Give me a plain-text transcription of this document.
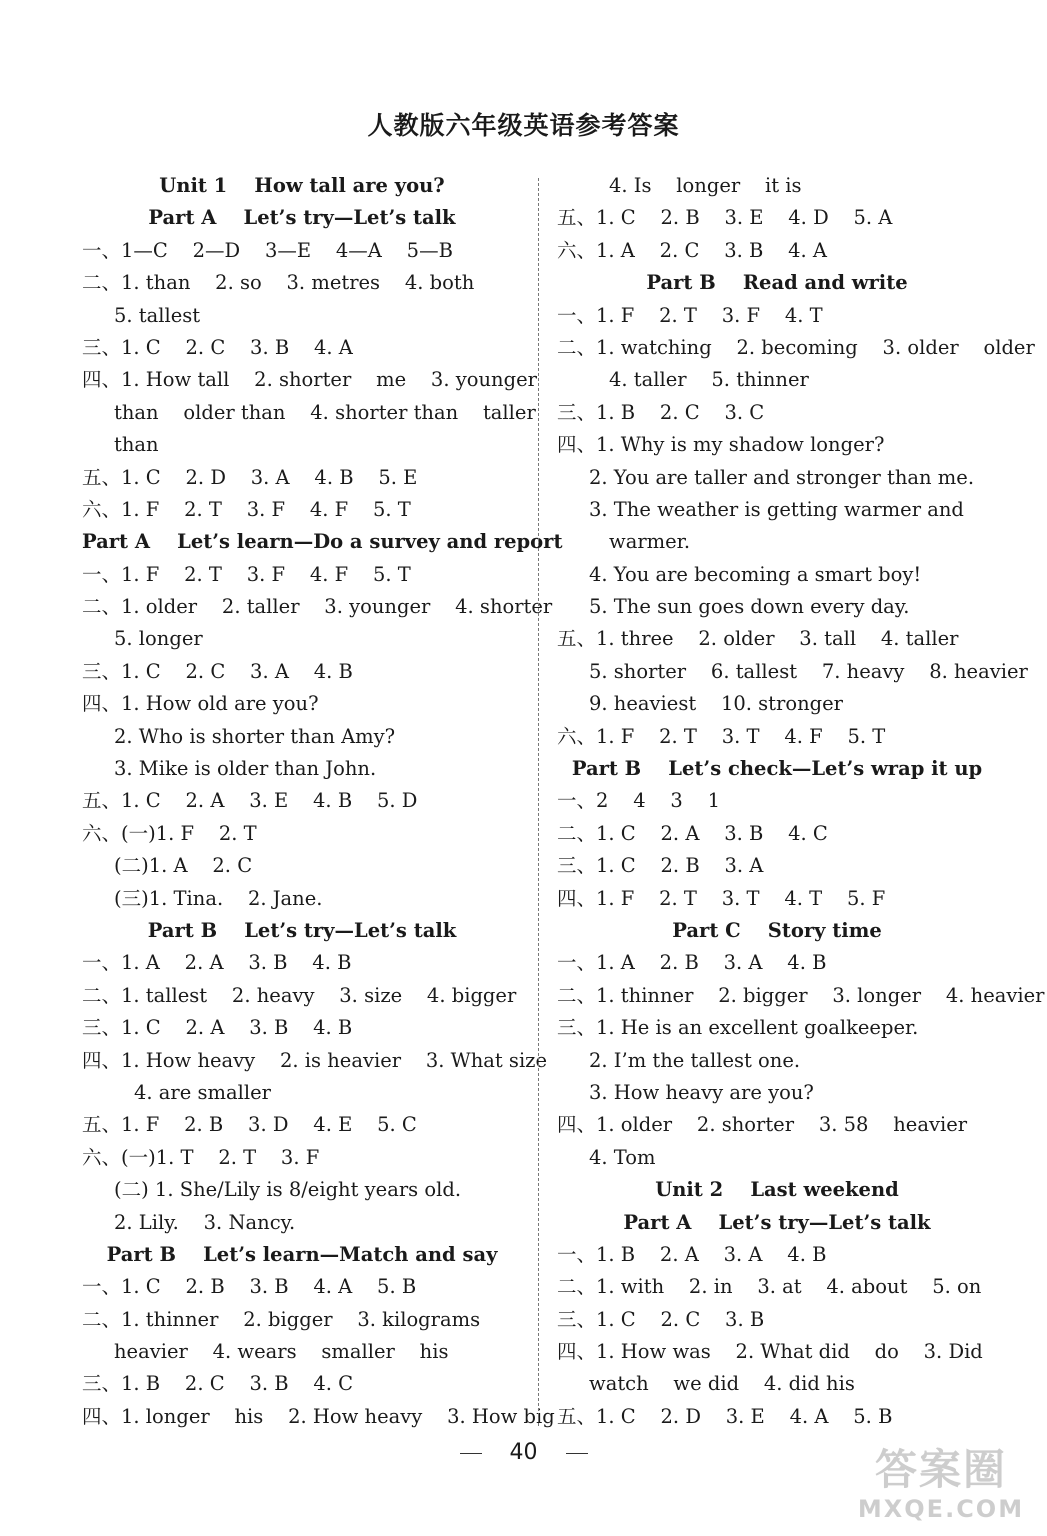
人教版六年级英语参考答案
Unit 1    How tall are you?
Part A    Let’s try—Let’s talk
一、1—C    2—D    3—E    4—A    5—B
二、1. than    2. so    3. metres    4. both
5. tallest
三、1. C    2. C    3. B    4. A
四、1. How tall    2. shorter    me    3. younger
than    older than    4. shorter than    taller
than
五、1. C    2. D    3. A    4. B    5. E
六、1. F    2. T    3. F    4. F    5. T
Part A    Let’s learn—Do a survey and report
一、1. F    2. T    3. F    4. F    5. T
二、1. older    2. taller    3. younger    4. shorter
5. longer
三、1. C    2. C    3. A    4. B
四、1. How old are you?
2. Who is shorter than Amy?
3. Mike is older than John.
五、1. C    2. A    3. E    4. B    5. D
六、(一)1. F    2. T
(二)1. A    2. C
(三)1. Tina.    2. Jane.
Part B    Let’s try—Let’s talk
一、1. A    2. A    3. B    4. B
二、1. tallest    2. heavy    3. size    4. bigger
三、1. C    2. A    3. B    4. B
四、1. How heavy    2. is heavier    3. What size
4. are smaller
五、1. F    2. B    3. D    4. E    5. C
六、(一)1. T    2. T    3. F
(二) 1. She/Lily is 8/eight years old.
2. Lily.    3. Nancy.
Part B    Let’s learn—Match and say
一、1. C    2. B    3. B    4. A    5. B
二、1. thinner    2. bigger    3. kilograms
heavier    4. wears    smaller    his
三、1. B    2. C    3. B    4. C
四、1. longer    his    2. How heavy    3. How big
4. Is    longer    it is
五、1. C    2. B    3. E    4. D    5. A
六、1. A    2. C    3. B    4. A
Part B    Read and write
一、1. F    2. T    3. F    4. T
二、1. watching    2. becoming    3. older    older
4. taller    5. thinner
三、1. B    2. C    3. C
四、1. Why is my shadow longer?
2. You are taller and stronger than me.
3. The weather is getting warmer and
warmer.
4. You are becoming a smart boy!
5. The sun goes down every day.
五、1. three    2. older    3. tall    4. taller
5. shorter    6. tallest    7. heavy    8. heavier
9. heaviest    10. stronger
六、1. F    2. T    3. T    4. F    5. T
Part B    Let’s check—Let’s wrap it up
一、2    4    3    1
二、1. C    2. A    3. B    4. C
三、1. C    2. B    3. A
四、1. F    2. T    3. T    4. T    5. F
Part C    Story time
一、1. A    2. B    3. A    4. B
二、1. thinner    2. bigger    3. longer    4. heavier
三、1. He is an excellent goalkeeper.
2. I’m the tallest one.
3. How heavy are you?
四、1. older    2. shorter    3. 58    heavier
4. Tom
Unit 2    Last weekend
Part A    Let’s try—Let’s talk
一、1. B    2. A    3. A    4. B
二、1. with    2. in    3. at    4. about    5. on
三、1. C    2. C    3. B
四、1. How was    2. What did    do    3. Did
watch    we did    4. did his
五、1. C    2. D    3. E    4. A    5. B
40	答案圈
MXQE.COM
